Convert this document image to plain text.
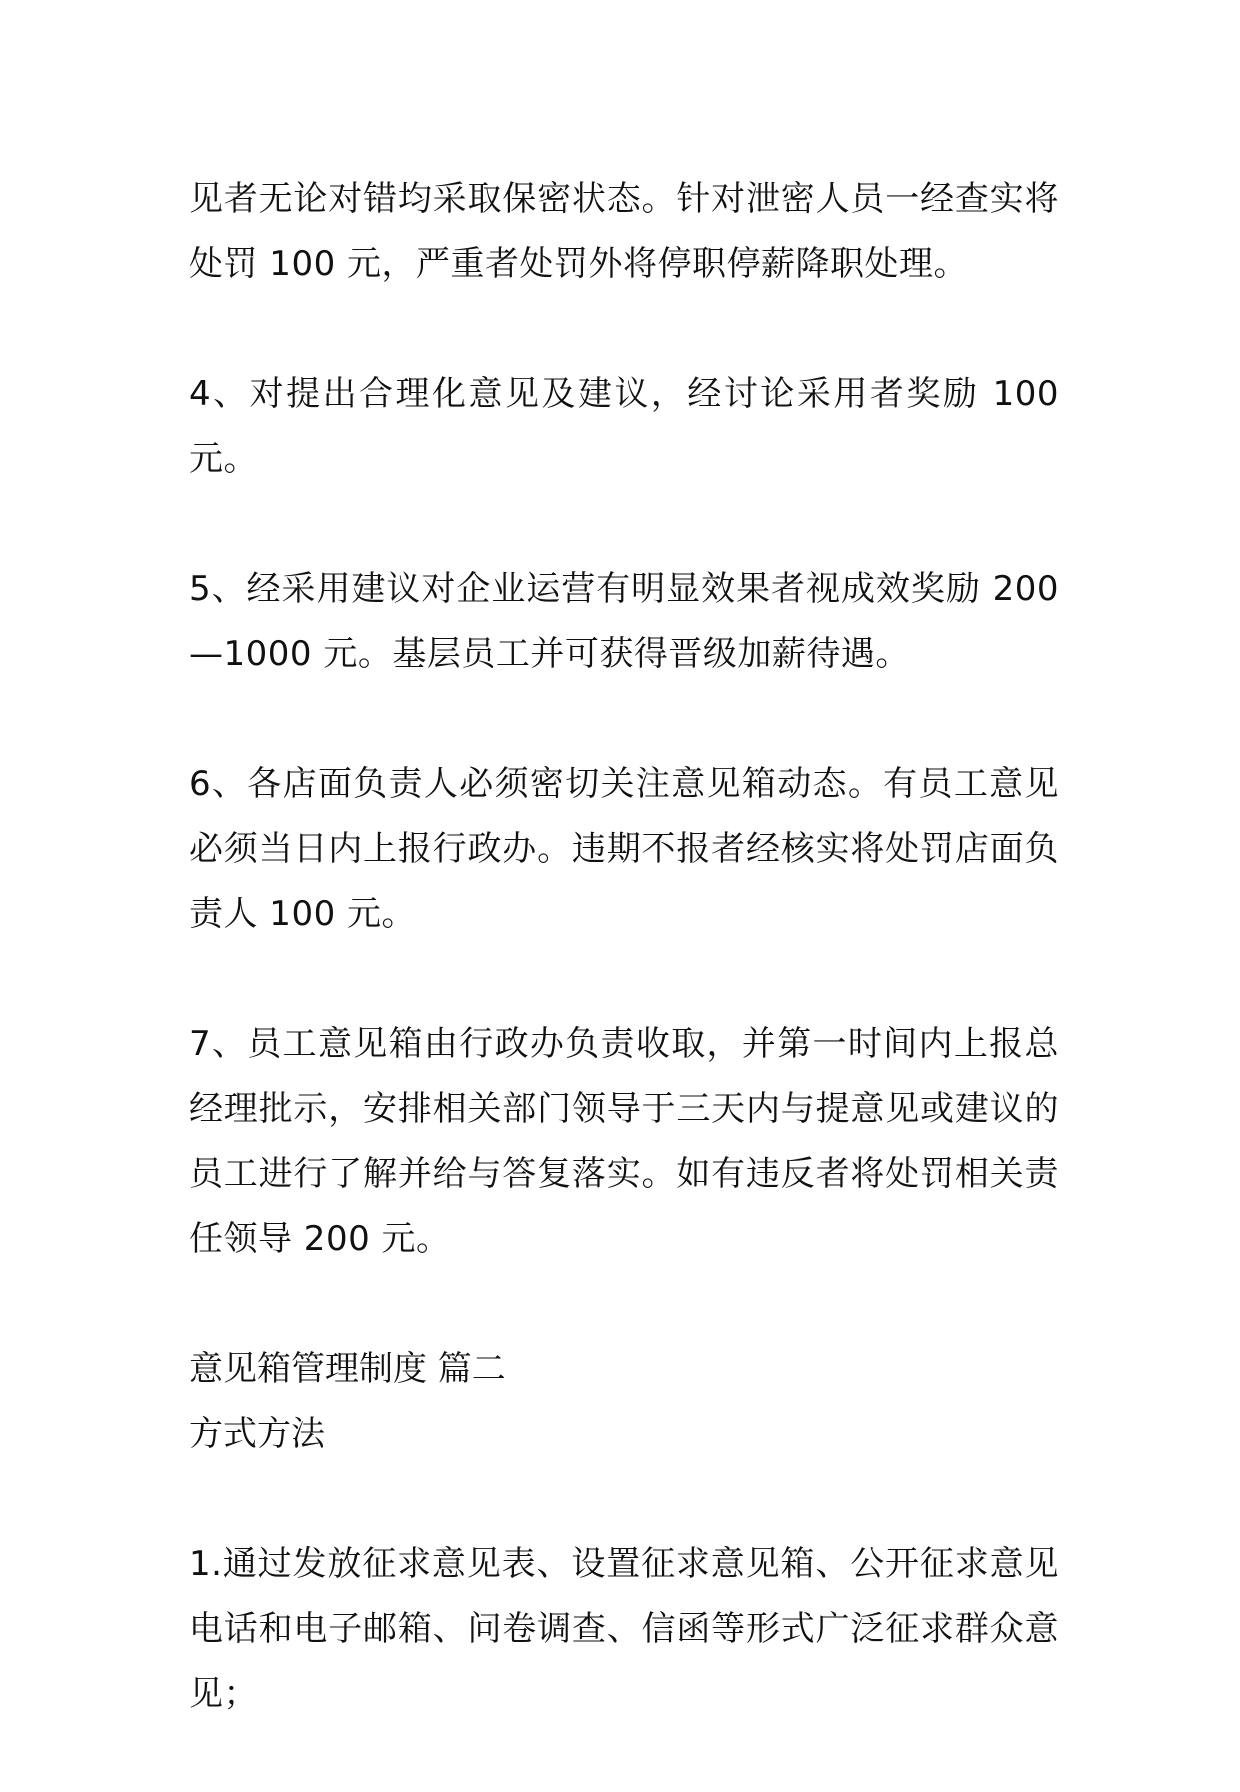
见者无论对错均采取保密状态。针对泄密人员一经查实将处罚 100 元，严重者处罚外将停职停薪降职处理。

4、对提出合理化意见及建议，经讨论采用者奖励 100 元。

5、经采用建议对企业运营有明显效果者视成效奖励 200—1000 元。基层员工并可获得晋级加薪待遇。

6、各店面负责人必须密切关注意见箱动态。有员工意见必须当日内上报行政办。违期不报者经核实将处罚店面负责人 100 元。

7、员工意见箱由行政办负责收取，并第一时间内上报总经理批示，安排相关部门领导于三天内与提意见或建议的员工进行了解并给与答复落实。如有违反者将处罚相关责任领导 200 元。

意见箱管理制度 篇二

方式方法

1.通过发放征求意见表、设置征求意见箱、公开征求意见电话和电子邮箱、问卷调查、信函等形式广泛征求群众意见；
